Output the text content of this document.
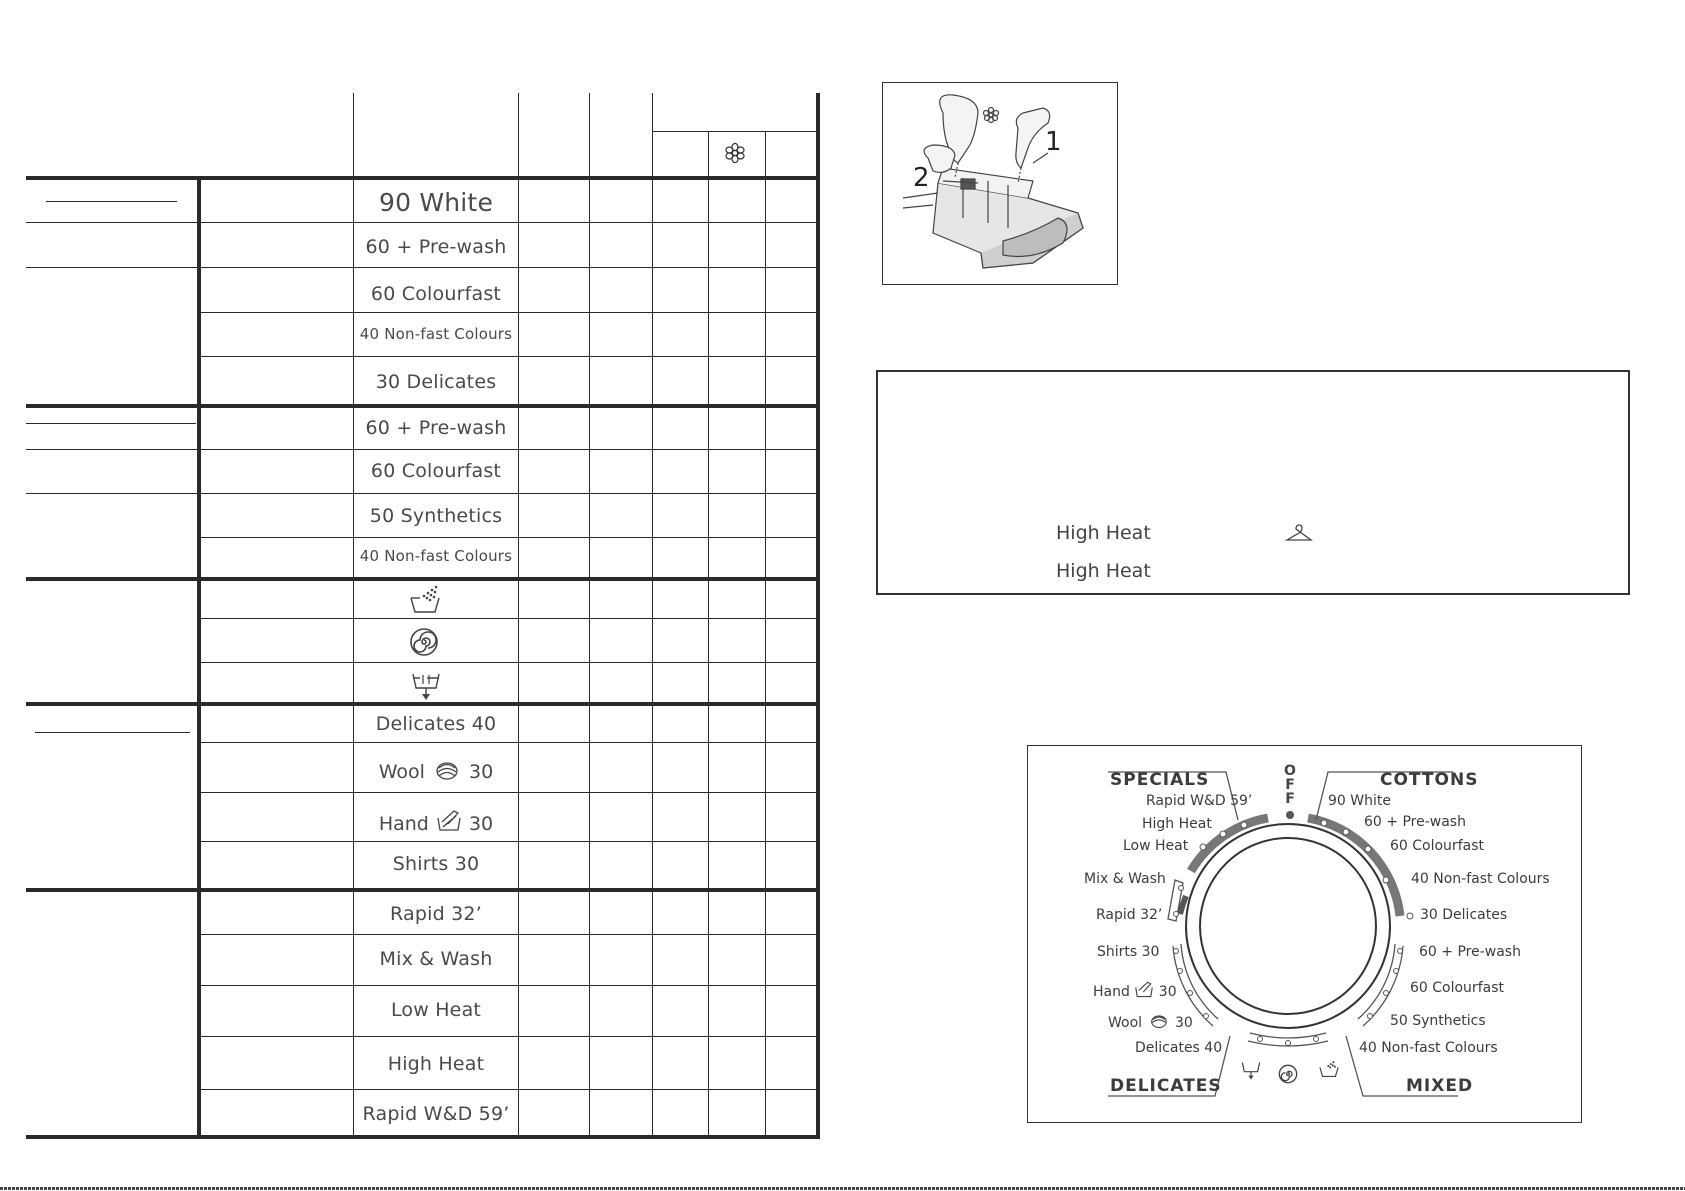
90 White
60 + Pre-wash
60 Colourfast
40 Non-fast Colours
30 Delicates
60 + Pre-wash
60 Colourfast
50 Synthetics
40 Non-fast Colours
Delicates 40
Wool 30
Hand 30
Shirts 30
Rapid 32’
Mix & Wash
Low Heat
High Heat
Rapid W&D 59’
1
2
High Heat
High Heat
SPECIALS	COTTONS
DELICATES	MIXED
OFF
Rapid W&D 59’
High Heat
Low Heat
Mix & Wash
Rapid 32’
Shirts 30
Hand 30
Wool 30
Delicates 40
90 White
60 + Pre-wash
60 Colourfast
40 Non-fast Colours
30 Delicates
60 + Pre-wash
60 Colourfast
50 Synthetics
40 Non-fast Colours
